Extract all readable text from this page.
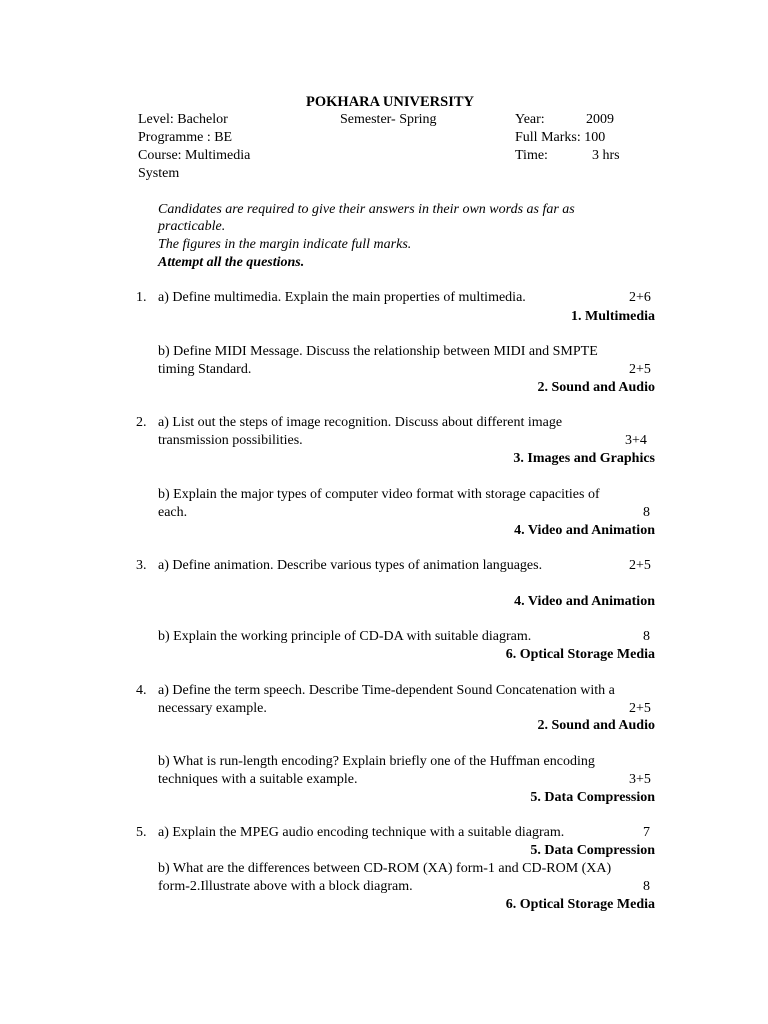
POKHARA UNIVERSITY
Level: Bachelor	Semester- Spring	Year:	2009
Programme : BE	Full Marks: 100
Course: Multimedia	Time:	3 hrs
System
Candidates are required to give their answers in their own words as far as
practicable.
The figures in the margin indicate full marks.
Attempt all the questions.
1. a) Define multimedia. Explain the main properties of multimedia.	2+6
1. Multimedia
b) Define MIDI Message. Discuss the relationship between MIDI and SMPTE
timing Standard.	2+5
2. Sound and Audio
2. a) List out the steps of image recognition. Discuss about different image
transmission possibilities.	3+4
3. Images and Graphics
b) Explain the major types of computer video format with storage capacities of
each.	8
4. Video and Animation
3. a) Define animation. Describe various types of animation languages.	2+5
4. Video and Animation
b) Explain the working principle of CD-DA with suitable diagram.	8
6. Optical Storage Media
4. a) Define the term speech. Describe Time-dependent Sound Concatenation with a
necessary example.	2+5
2. Sound and Audio
b) What is run-length encoding? Explain briefly one of the Huffman encoding
techniques with a suitable example.	3+5
5. Data Compression
5. a) Explain the MPEG audio encoding technique with a suitable diagram.	7
5. Data Compression
b) What are the differences between CD-ROM (XA) form-1 and CD-ROM (XA)
form-2.Illustrate above with a block diagram.	8
6. Optical Storage Media
